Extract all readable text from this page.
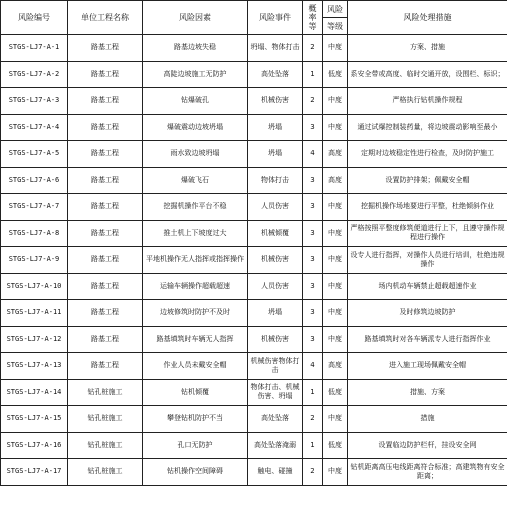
风险编号	单位工程名称	风险因素	风险事件	概率等	风险	风险处理措施
					等级	
STGS-LJ7-A-1	路基工程	路基边坡失稳	坍塌、物体打击	2	中度	方案、措施
STGS-LJ7-A-2	路基工程	高陡边坡施工无防护	高处坠落	1	低度	系安全带或高度、临时交通开放，设围栏、标识；
STGS-LJ7-A-3	路基工程	钻爆破孔	机械伤害	2	中度	严格执行钻机操作规程
STGS-LJ7-A-4	路基工程	爆破震动边坡坍塌	坍塌	3	中度	通过试爆控制装药量，将边坡震动影响至最小
STGS-LJ7-A-5	路基工程	雨水致边坡坍塌	坍塌	4	高度	定期对边坡稳定性进行检查，及时防护施工
STGS-LJ7-A-6	路基工程	爆破飞石	物体打击	3	高度	设置防护排架；佩戴安全帽
STGS-LJ7-A-7	路基工程	挖掘机操作平台不稳	人员伤害	3	中度	挖掘机操作场地要进行平整，杜绝倾斜作业
STGS-LJ7-A-8	路基工程	推土机上下坡度过大	机械倾覆	3	中度	严格按照平整度修筑便道进行上下，且遵守操作规程进行操作
STGS-LJ7-A-9	路基工程	平地机操作无人指挥或指挥操作	机械伤害	3	中度	设专人进行指挥，对操作人员进行培训，杜绝违规操作
STGS-LJ7-A-10	路基工程	运输车辆操作超载超速	人员伤害	3	中度	场内机动车辆禁止超载超速作业
STGS-LJ7-A-11	路基工程	边坡修筑时防护不及时	坍塌	3	中度	及时修筑边坡防护
STGS-LJ7-A-12	路基工程	路基填筑时车辆无人指挥	机械伤害	3	中度	路基填筑时对各车辆派专人进行指挥作业
STGS-LJ7-A-13	路基工程	作业人员未戴安全帽	机械伤害物体打击	4	高度	进入施工现场佩戴安全帽
STGS-LJ7-A-14	钻孔桩施工	钻机倾覆	物体打击、机械伤害、坍塌	1	低度	措施、方案
STGS-LJ7-A-15	钻孔桩施工	攀登钻机防护不当	高处坠落	2	中度	措施
STGS-LJ7-A-16	钻孔桩施工	孔口无防护	高处坠落淹溺	1	低度	设置临边防护栏杆，挂设安全网
STGS-LJ7-A-17	钻孔桩施工	钻机操作空间障碍	触电、碰撞	2	中度	钻机距离高压电线距离符合标准；高建筑物有安全距离；
